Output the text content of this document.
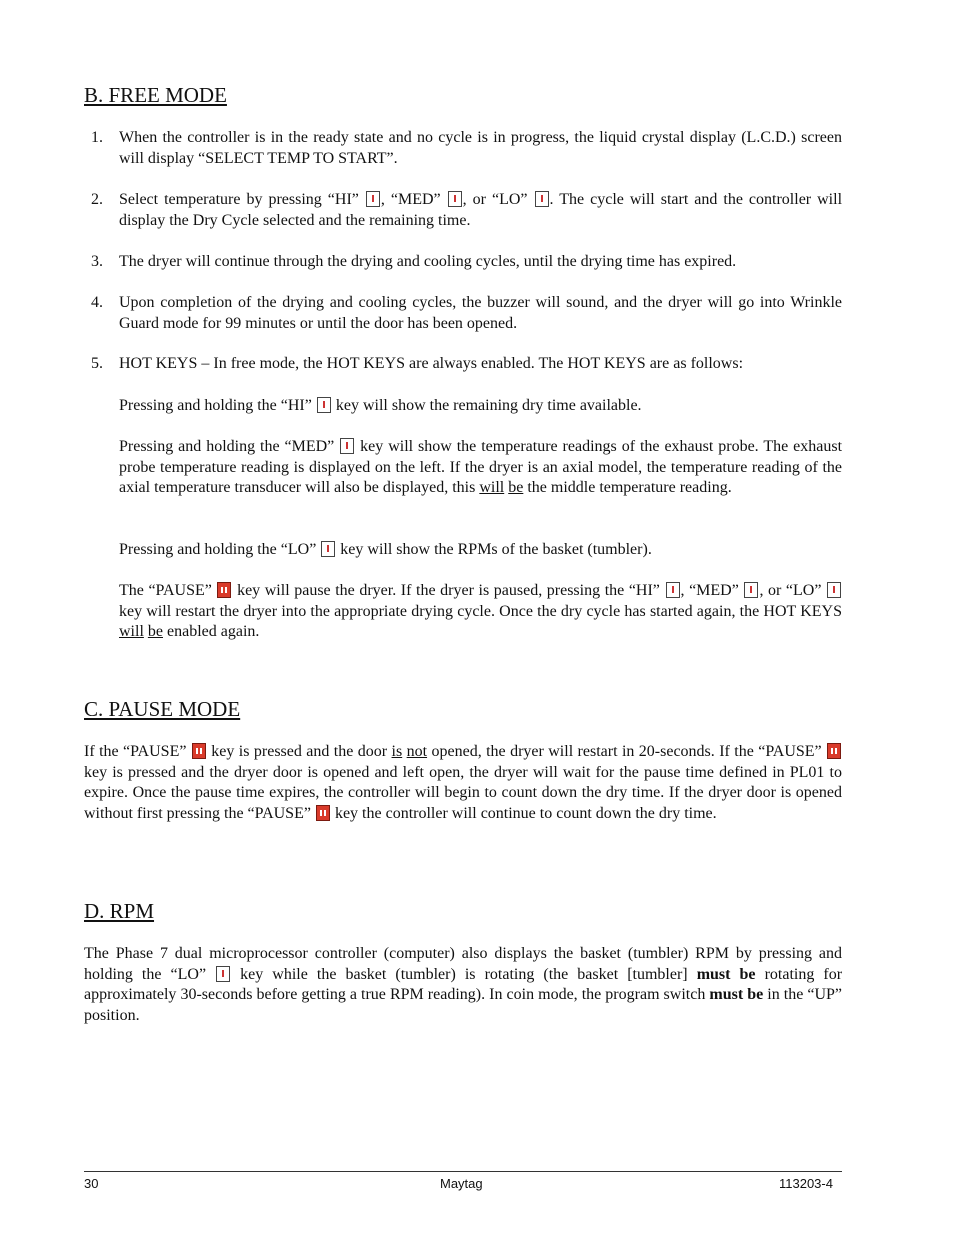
B. FREE MODE
1. When the controller is in the ready state and no cycle is in progress, the liquid crystal display (L.C.D.) screen will display “SELECT TEMP TO START”.
2. Select temperature by pressing “HI” , “MED” , or “LO” . The cycle will start and the controller will display the Dry Cycle selected and the remaining time.
3. The dryer will continue through the drying and cooling cycles, until the drying time has expired.
4. Upon completion of the drying and cooling cycles, the buzzer will sound, and the dryer will go into Wrinkle Guard mode for 99 minutes or until the door has been opened.
5. HOT KEYS – In free mode, the HOT KEYS are always enabled. The HOT KEYS are as follows:
Pressing and holding the “HI” key will show the remaining dry time available.
Pressing and holding the “MED” key will show the temperature readings of the exhaust probe. The exhaust probe temperature reading is displayed on the left. If the dryer is an axial model, the temperature reading of the axial temperature transducer will also be displayed, this will be the middle temperature reading.
Pressing and holding the “LO” key will show the RPMs of the basket (tumbler).
The “PAUSE” key will pause the dryer. If the dryer is paused, pressing the “HI” , “MED” , or “LO”  key will restart the dryer into the appropriate drying cycle. Once the dry cycle has started again, the HOT KEYS will be enabled again.
C. PAUSE MODE
If the “PAUSE” key is pressed and the door is not opened, the dryer will restart in 20-seconds. If the “PAUSE”  key is pressed and the dryer door is opened and left open, the dryer will wait for the pause time defined in PL01 to expire. Once the pause time expires, the controller will begin to count down the dry time. If the dryer door is opened without first pressing the “PAUSE” key the controller will continue to count down the dry time.
D. RPM
The Phase 7 dual microprocessor controller (computer) also displays the basket (tumbler) RPM by pressing and holding the “LO” key while the basket (tumbler) is rotating (the basket [tumbler] must be rotating for approximately 30-seconds before getting a true RPM reading). In coin mode, the program switch must be in the “UP” position.
30	Maytag	113203-4
